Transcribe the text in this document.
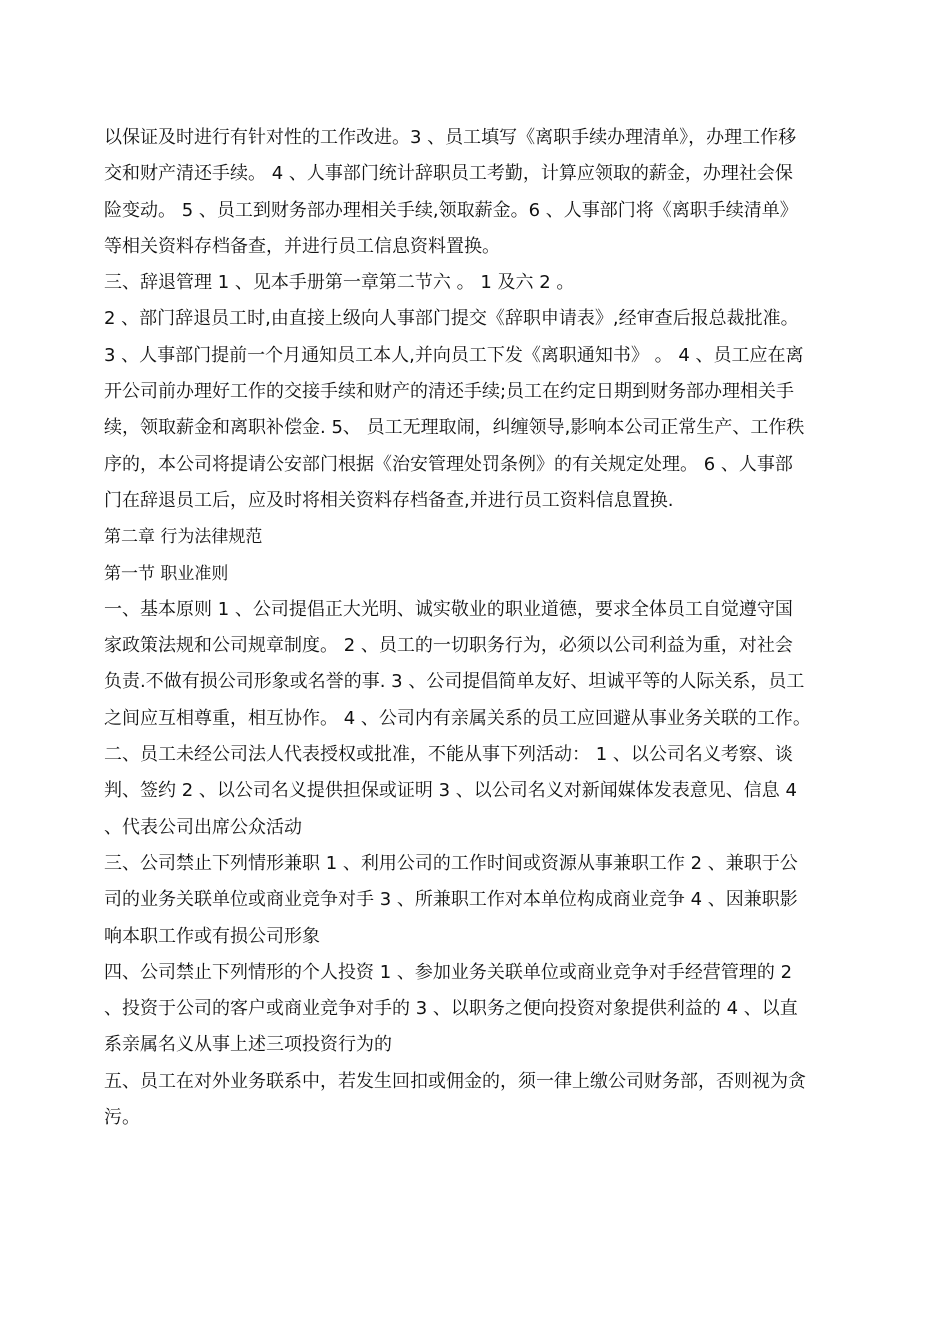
以保证及时进行有针对性的工作改进。3 、员工填写《离职手续办理清单》，办理工作移
交和财产清还手续。 4 、人事部门统计辞职员工考勤，计算应领取的薪金，办理社会保
险变动。 5 、员工到财务部办理相关手续,领取薪金。6 、人事部门将《离职手续清单》
等相关资料存档备查，并进行员工信息资料置换。
三、辞退管理 1 、见本手册第一章第二节六 。 1 及六 2 。
2 、部门辞退员工时,由直接上级向人事部门提交《辞职申请表》,经审查后报总裁批准。
3 、人事部门提前一个月通知员工本人,并向员工下发《离职通知书》 。 4 、员工应在离
开公司前办理好工作的交接手续和财产的清还手续;员工在约定日期到财务部办理相关手
续，领取薪金和离职补偿金. 5、 员工无理取闹，纠缠领导,影响本公司正常生产、工作秩
序的，本公司将提请公安部门根据《治安管理处罚条例》的有关规定处理。 6 、人事部
门在辞退员工后，应及时将相关资料存档备查,并进行员工资料信息置换.
第二章 行为法律规范
第一节 职业准则
一、基本原则 1 、公司提倡正大光明、诚实敬业的职业道德，要求全体员工自觉遵守国
家政策法规和公司规章制度。 2 、员工的一切职务行为，必须以公司利益为重，对社会
负责.不做有损公司形象或名誉的事. 3 、公司提倡简单友好、坦诚平等的人际关系，员工
之间应互相尊重，相互协作。 4 、公司内有亲属关系的员工应回避从事业务关联的工作。
二、员工未经公司法人代表授权或批准，不能从事下列活动： 1 、以公司名义考察、谈
判、签约 2 、以公司名义提供担保或证明 3 、以公司名义对新闻媒体发表意见、信息 4
、代表公司出席公众活动
三、公司禁止下列情形兼职 1 、利用公司的工作时间或资源从事兼职工作 2 、兼职于公
司的业务关联单位或商业竞争对手 3 、所兼职工作对本单位构成商业竞争 4 、因兼职影
响本职工作或有损公司形象
四、公司禁止下列情形的个人投资 1 、参加业务关联单位或商业竞争对手经营管理的 2
、投资于公司的客户或商业竞争对手的 3 、以职务之便向投资对象提供利益的 4 、以直
系亲属名义从事上述三项投资行为的
五、员工在对外业务联系中，若发生回扣或佣金的，须一律上缴公司财务部，否则视为贪
污。
